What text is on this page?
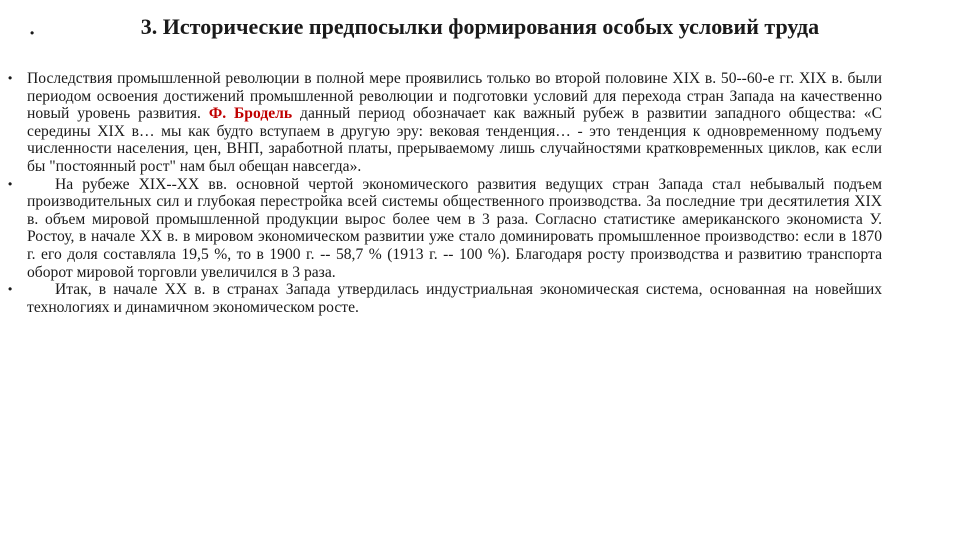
•	3. Исторические предпосылки формирования особых условий труда

• Последствия промышленной революции в полной мере проявились только во второй половине XIX в. 50--60-е гг. XIX в. были периодом освоения достижений промышленной революции и подготовки условий для перехода стран Запада на качественно новый уровень развития. Ф. Бродель данный период обозначает как важный рубеж в развитии западного общества: «С середины XIX в… мы как будто вступаем в другую эру: вековая тенденция… - это тенденция к одновременному подъему численности населения, цен, ВНП, заработной платы, прерываемому лишь случайностями кратковременных циклов, как если бы "постоянный рост" нам был обещан навсегда».

•	На рубеже XIX--XX вв. основной чертой экономического развития ведущих стран Запада стал небывалый подъем производительных сил и глубокая перестройка всей системы общественного производства. За последние три десятилетия XIX в. объем мировой промышленной продукции вырос более чем в 3 раза. Согласно статистике американского экономиста У. Ростоу, в начале XX в. в мировом экономическом развитии уже стало доминировать промышленное производство: если в 1870 г. его доля составляла 19,5 %, то в 1900 г. -- 58,7 % (1913 г. -- 100 %). Благодаря росту производства и развитию транспорта оборот мировой торговли увеличился в 3 раза.

•	Итак, в начале XX в. в странах Запада утвердилась индустриальная экономическая система, основанная на новейших технологиях и динамичном экономическом росте.
